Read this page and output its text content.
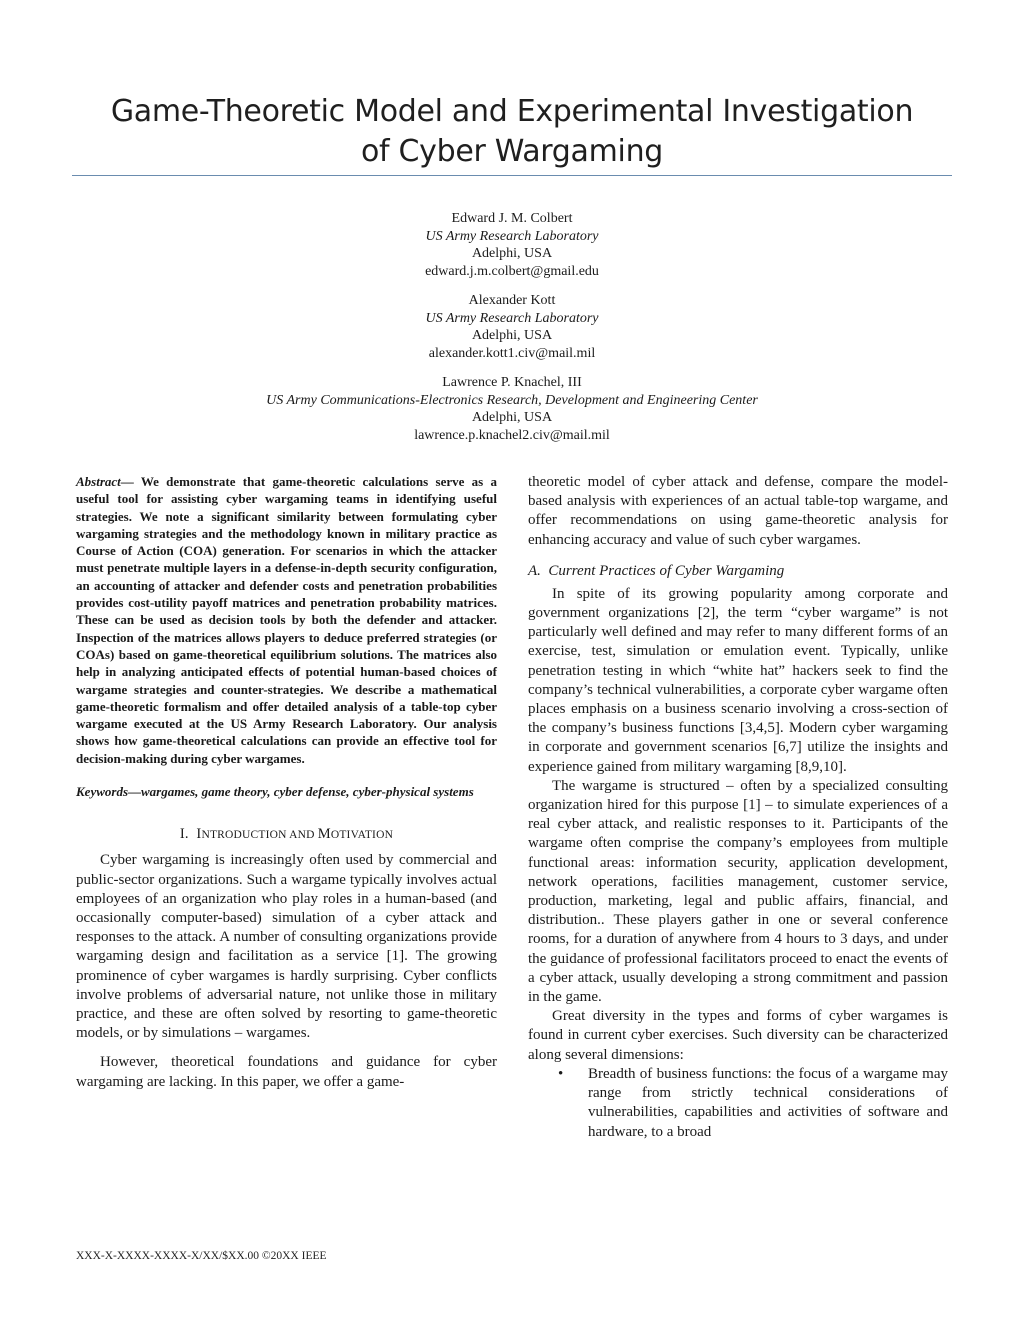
Game-Theoretic Model and Experimental Investigation
of Cyber Wargaming
Edward J. M. Colbert
US Army Research Laboratory
Adelphi, USA
edward.j.m.colbert@gmail.edu
Alexander Kott
US Army Research Laboratory
Adelphi, USA
alexander.kott1.civ@mail.mil
Lawrence P. Knachel, III
US Army Communications-Electronics Research, Development and Engineering Center
Adelphi, USA
lawrence.p.knachel2.civ@mail.mil

Abstract— We demonstrate that game-theoretic calculations serve as a useful tool for assisting cyber wargaming teams in identifying useful strategies. We note a significant similarity between formulating cyber wargaming strategies and the methodology known in military practice as Course of Action (COA) generation. For scenarios in which the attacker must penetrate multiple layers in a defense-in-depth security configuration, an accounting of attacker and defender costs and penetration probabilities provides cost-utility payoff matrices and penetration probability matrices. These can be used as decision tools by both the defender and attacker. Inspection of the matrices allows players to deduce preferred strategies (or COAs) based on game-theoretical equilibrium solutions. The matrices also help in analyzing anticipated effects of potential human-based choices of wargame strategies and counter-strategies. We describe a mathematical game-theoretic formalism and offer detailed analysis of a table-top cyber wargame executed at the US Army Research Laboratory. Our analysis shows how game-theoretical calculations can provide an effective tool for decision-making during cyber wargames.

Keywords—wargames, game theory, cyber defense, cyber-physical systems

I. INTRODUCTION AND MOTIVATION

Cyber wargaming is increasingly often used by commercial and public-sector organizations. Such a wargame typically involves actual employees of an organization who play roles in a human-based (and occasionally computer-based) simulation of a cyber attack and responses to the attack. A number of consulting organizations provide wargaming design and facilitation as a service [1]. The growing prominence of cyber wargames is hardly surprising. Cyber conflicts involve problems of adversarial nature, not unlike those in military practice, and these are often solved by resorting to game-theoretic models, or by simulations – wargames.

However, theoretical foundations and guidance for cyber wargaming are lacking. In this paper, we offer a game-

theoretic model of cyber attack and defense, compare the model-based analysis with experiences of an actual table-top wargame, and offer recommendations on using game-theoretic analysis for enhancing accuracy and value of such cyber wargames.

A. Current Practices of Cyber Wargaming

In spite of its growing popularity among corporate and government organizations [2], the term “cyber wargame” is not particularly well defined and may refer to many different forms of an exercise, test, simulation or emulation event. Typically, unlike penetration testing in which “white hat” hackers seek to find the company’s technical vulnerabilities, a corporate cyber wargame often places emphasis on a business scenario involving a cross-section of the company’s business functions [3,4,5]. Modern cyber wargaming in corporate and government scenarios [6,7] utilize the insights and experience gained from military wargaming [8,9,10].

The wargame is structured – often by a specialized consulting organization hired for this purpose [1] – to simulate experiences of a real cyber attack, and realistic responses to it. Participants of the wargame often comprise the company’s employees from multiple functional areas: information security, application development, network operations, facilities management, customer service, production, marketing, legal and public affairs, financial, and distribution.. These players gather in one or several conference rooms, for a duration of anywhere from 4 hours to 3 days, and under the guidance of professional facilitators proceed to enact the events of a cyber attack, usually developing a strong commitment and passion in the game.

Great diversity in the types and forms of cyber wargames is found in current cyber exercises. Such diversity can be characterized along several dimensions:

• Breadth of business functions: the focus of a wargame may range from strictly technical considerations of vulnerabilities, capabilities and activities of software and hardware, to a broad
XXX-X-XXXX-XXXX-X/XX/$XX.00 ©20XX IEEE
